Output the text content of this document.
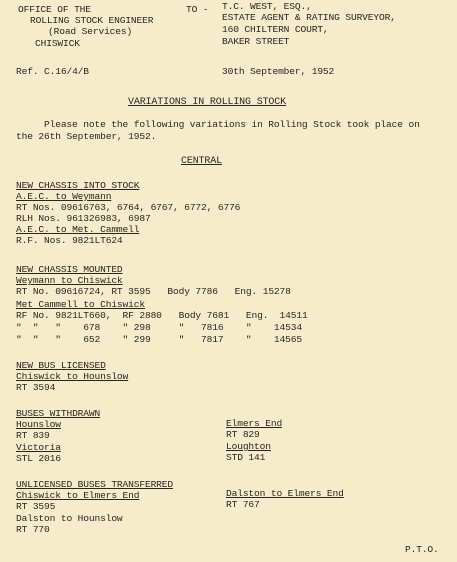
OFFICE OF THE
ROLLING STOCK ENGINEER
(Road Services)
CHISWICK
TO - T.C. WEST, ESQ.,
ESTATE AGENT & RATING SURVEYOR,
160 CHILTERN COURT,
BAKER STREET
Ref. C.16/4/B	30th September, 1952
VARIATIONS IN ROLLING STOCK
Please note the following variations in Rolling Stock took place on
the 26th September, 1952.
CENTRAL
NEW CHASSIS INTO STOCK
A.E.C. to Weymann
RT Nos. 09616763, 6764, 6767, 6772, 6776
RLH Nos. 961326983, 6987
A.E.C. to Met. Cammell
R.F. Nos. 9821LT624
NEW CHASSIS MOUNTED
Weymann to Chiswick
RT No. 09616724, RT 3595   Body 7786   Eng. 15278
Met Cammell to Chiswick
RF No. 9821LT660,  RF 2880   Body 7681   Eng.  14511
"  "   "    678    " 298     "   7816    "    14534
"  "   "    652    " 299     "   7817    "    14565
NEW BUS LICENSED
Chiswick to Hounslow
RT 3594
BUSES WITHDRAWN
Hounslow
RT 839
Victoria
STL 2016
Elmers End
RT 829
Loughton
STD 141
UNLICENSED BUSES TRANSFERRED
Chiswick to Elmers End
RT 3595
Dalston to Hounslow
RT 770
Dalston to Elmers End
RT 767
P.T.O.
